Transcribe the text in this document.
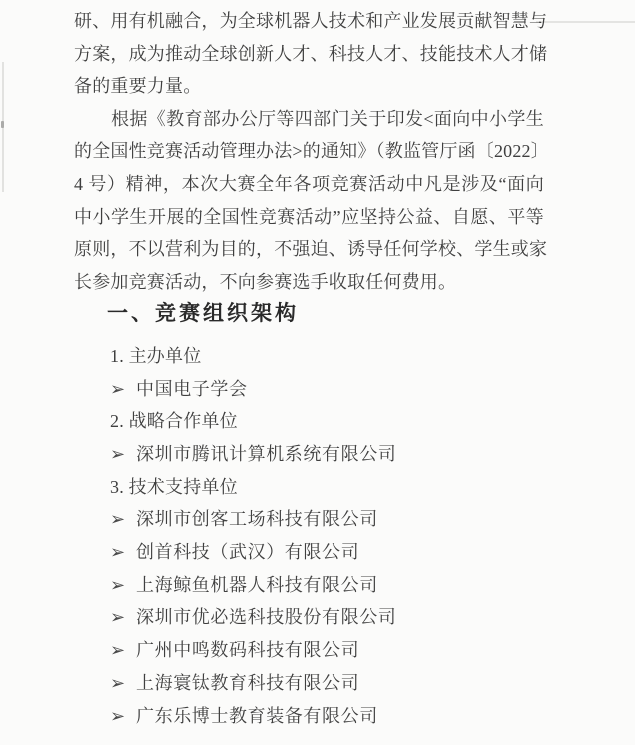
研、用有机融合，为全球机器人技术和产业发展贡献智慧与
方案，成为推动全球创新人才、科技人才、技能技术人才储
备的重要力量。
根据《教育部办公厅等四部门关于印发<面向中小学生
的全国性竞赛活动管理办法>的通知》（教监管厅函〔2022〕
4 号）精神，本次大赛全年各项竞赛活动中凡是涉及“面向
中小学生开展的全国性竞赛活动”应坚持公益、自愿、平等
原则，不以营利为目的，不强迫、诱导任何学校、学生或家
长参加竞赛活动，不向参赛选手收取任何费用。
一、竞赛组织架构
1. 主办单位
➢ 中国电子学会
2. 战略合作单位
➢ 深圳市腾讯计算机系统有限公司
3. 技术支持单位
➢ 深圳市创客工场科技有限公司
➢ 创首科技（武汉）有限公司
➢ 上海鲸鱼机器人科技有限公司
➢ 深圳市优必选科技股份有限公司
➢ 广州中鸣数码科技有限公司
➢ 上海寰钛教育科技有限公司
➢ 广东乐博士教育装备有限公司
